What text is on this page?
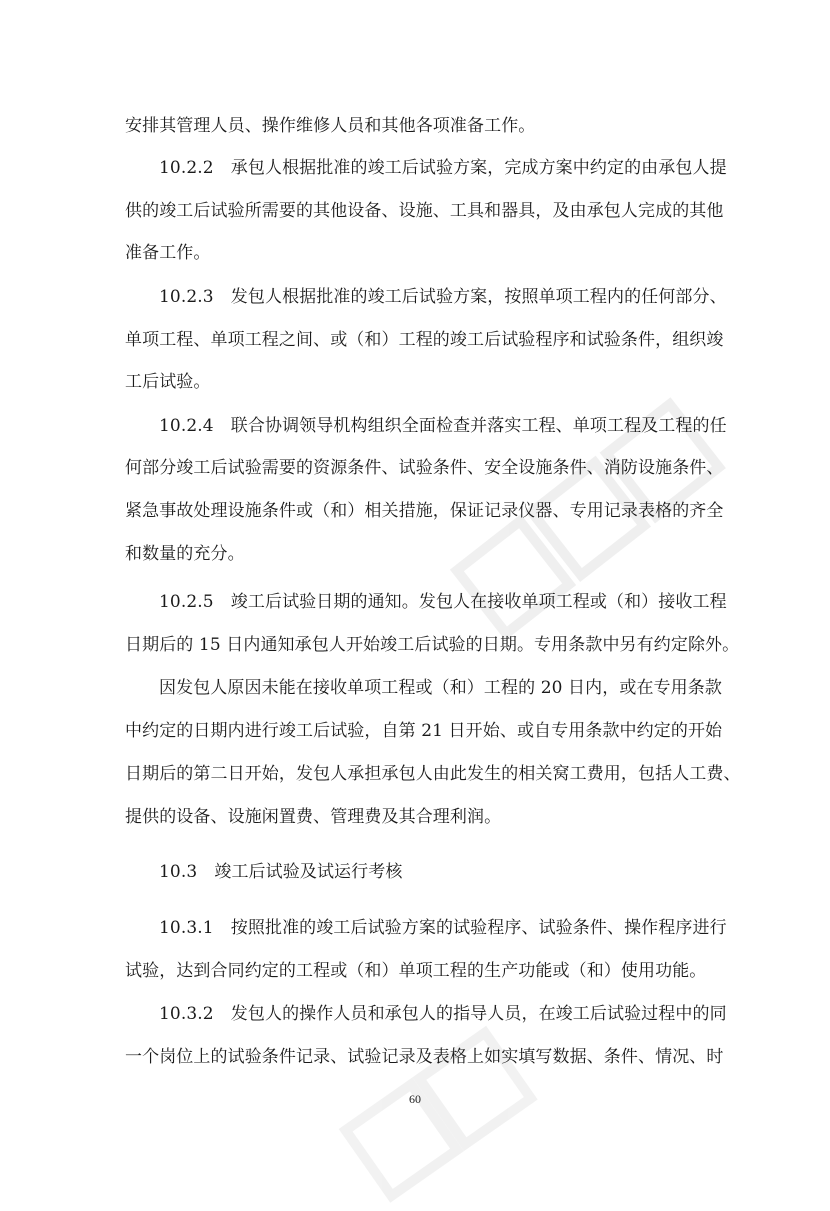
安排其管理人员、操作维修人员和其他各项准备工作。
10.2.2　承包人根据批准的竣工后试验方案，完成方案中约定的由承包人提
供的竣工后试验所需要的其他设备、设施、工具和器具，及由承包人完成的其他
准备工作。
10.2.3　发包人根据批准的竣工后试验方案，按照单项工程内的任何部分、
单项工程、单项工程之间、或（和）工程的竣工后试验程序和试验条件，组织竣
工后试验。
10.2.4　联合协调领导机构组织全面检查并落实工程、单项工程及工程的任
何部分竣工后试验需要的资源条件、试验条件、安全设施条件、消防设施条件、
紧急事故处理设施条件或（和）相关措施，保证记录仪器、专用记录表格的齐全
和数量的充分。
10.2.5　竣工后试验日期的通知。发包人在接收单项工程或（和）接收工程
日期后的 15 日内通知承包人开始竣工后试验的日期。专用条款中另有约定除外。
因发包人原因未能在接收单项工程或（和）工程的 20 日内，或在专用条款
中约定的日期内进行竣工后试验，自第 21 日开始、或自专用条款中约定的开始
日期后的第二日开始，发包人承担承包人由此发生的相关窝工费用，包括人工费、
提供的设备、设施闲置费、管理费及其合理利润。
10.3　竣工后试验及试运行考核
10.3.1　按照批准的竣工后试验方案的试验程序、试验条件、操作程序进行
试验，达到合同约定的工程或（和）单项工程的生产功能或（和）使用功能。
10.3.2　发包人的操作人员和承包人的指导人员，在竣工后试验过程中的同
一个岗位上的试验条件记录、试验记录及表格上如实填写数据、条件、情况、时
60
